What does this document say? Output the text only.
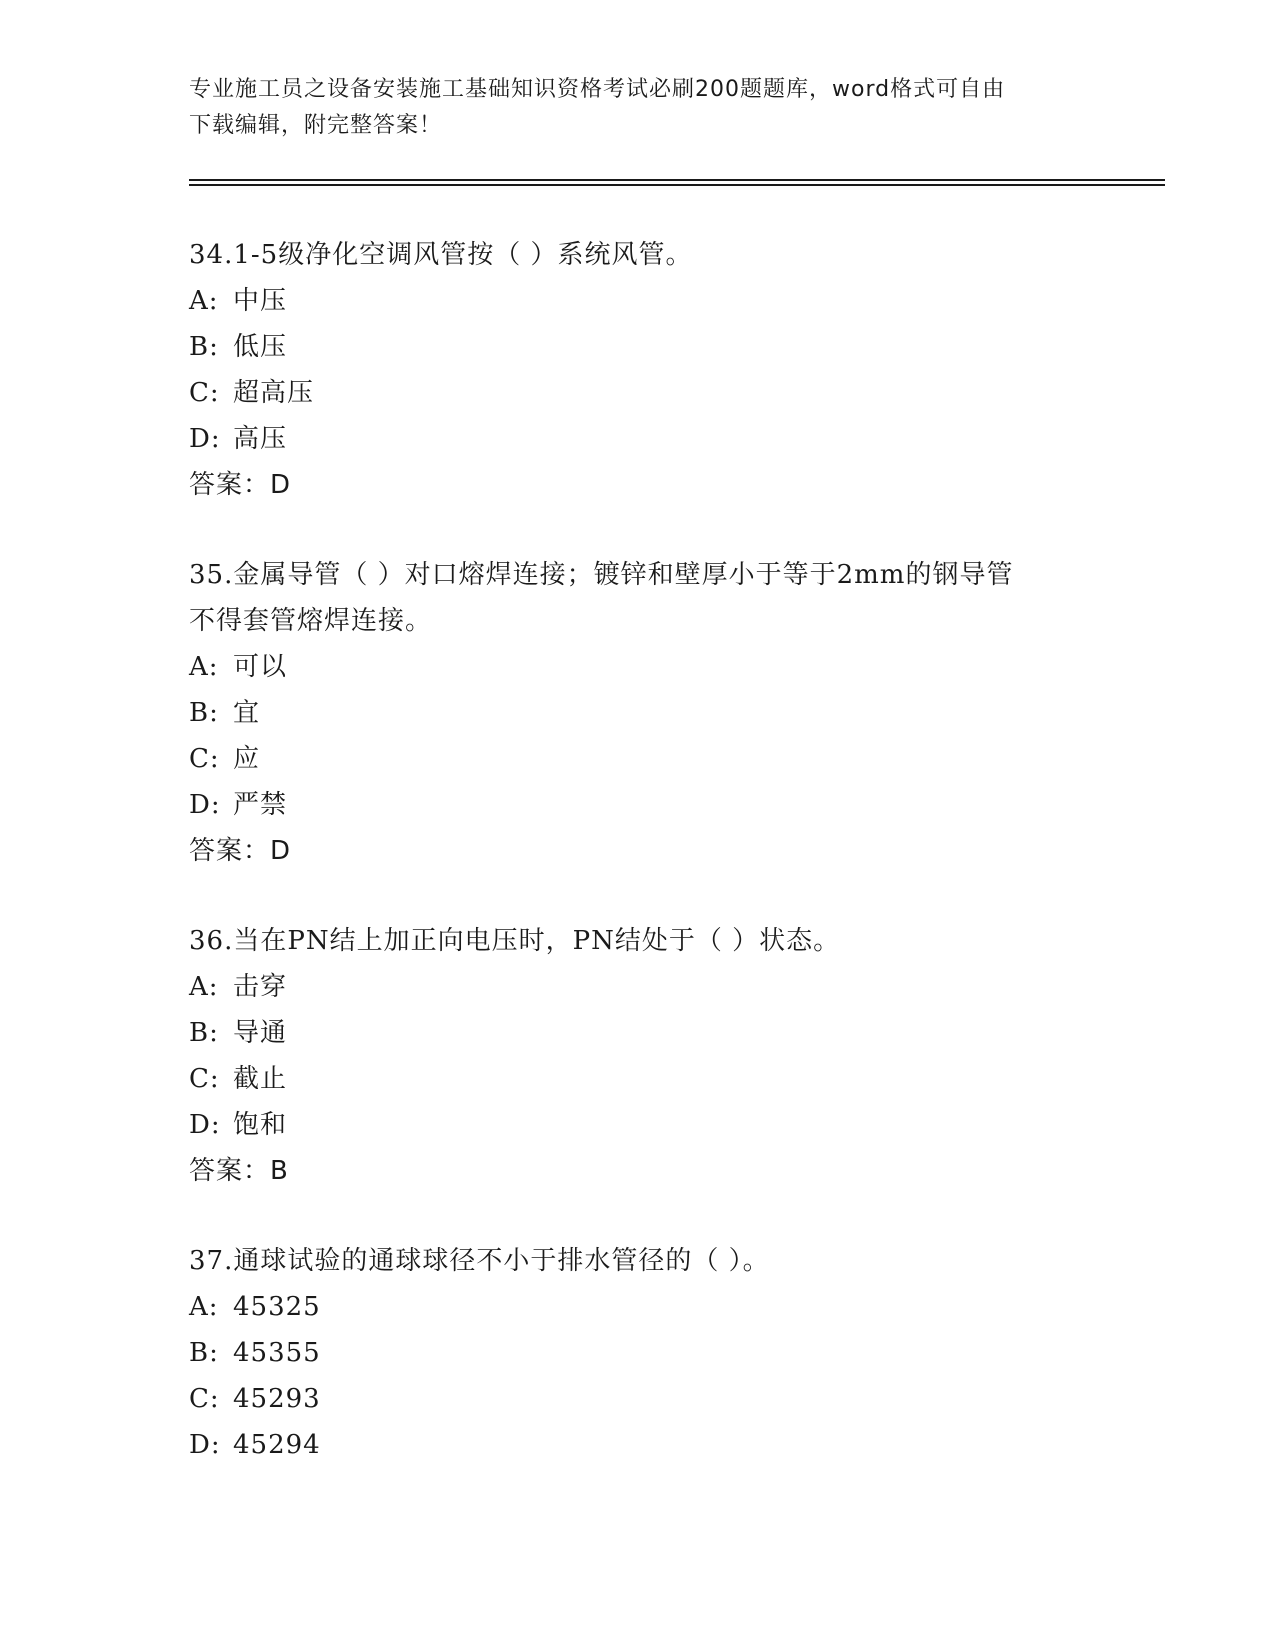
专业施工员之设备安装施工基础知识资格考试必刷200题题库，word格式可自由
下载编辑，附完整答案！
34.1-5级净化空调风管按（ ）系统风管。
A: 中压
B: 低压
C: 超高压
D: 高压
答案：D
35.金属导管（ ）对口熔焊连接；镀锌和壁厚小于等于2mm的钢导管
不得套管熔焊连接。
A: 可以
B: 宜
C: 应
D: 严禁
答案：D
36.当在PN结上加正向电压时，PN结处于（ ）状态。
A: 击穿
B: 导通
C: 截止
D: 饱和
答案：B
37.通球试验的通球球径不小于排水管径的（ ）。
A: 45325
B: 45355
C: 45293
D: 45294
